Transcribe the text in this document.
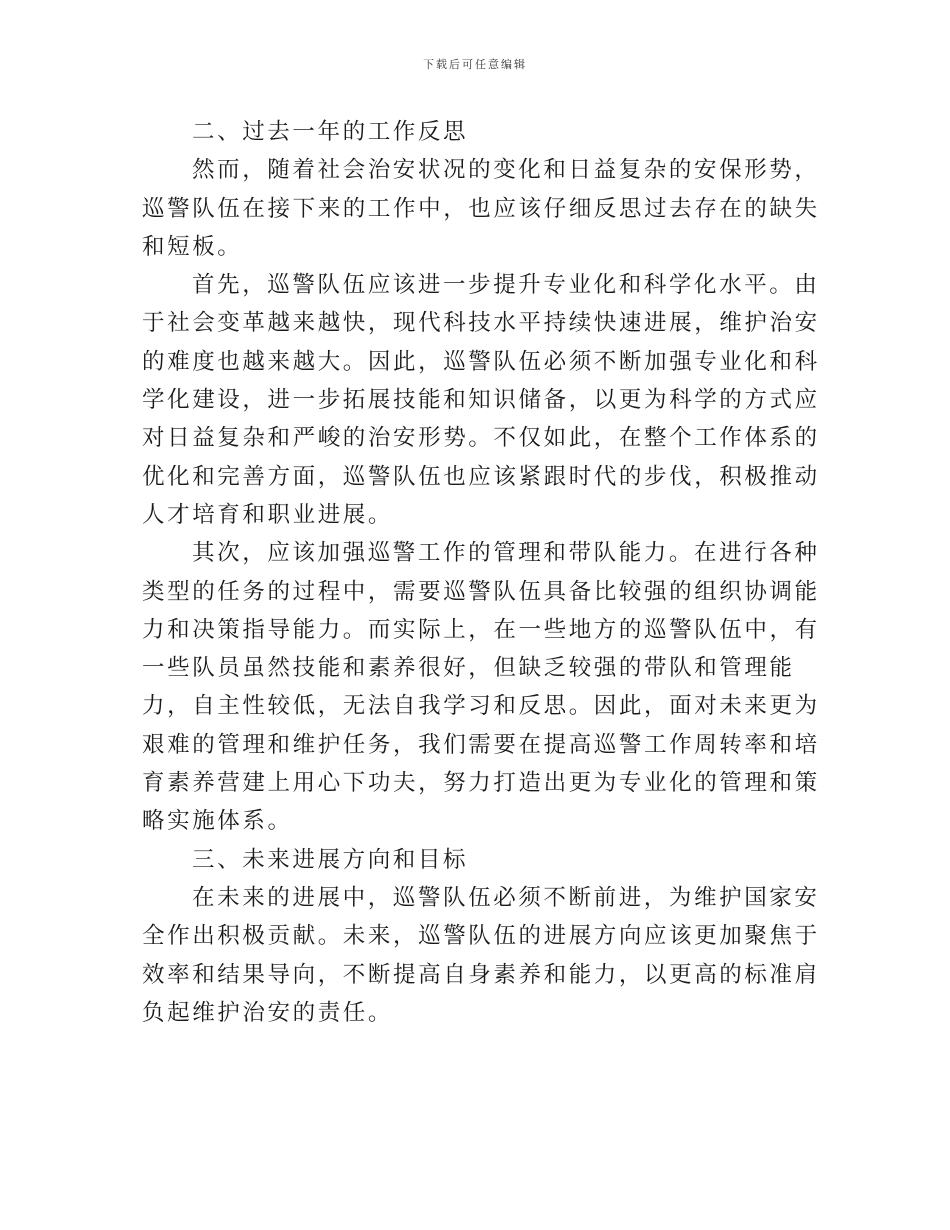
下载后可任意编辑

二、过去一年的工作反思

然而，随着社会治安状况的变化和日益复杂的安保形势，
巡警队伍在接下来的工作中，也应该仔细反思过去存在的缺失
和短板。

首先，巡警队伍应该进一步提升专业化和科学化水平。由
于社会变革越来越快，现代科技水平持续快速进展，维护治安
的难度也越来越大。因此，巡警队伍必须不断加强专业化和科
学化建设，进一步拓展技能和知识储备，以更为科学的方式应
对日益复杂和严峻的治安形势。不仅如此，在整个工作体系的
优化和完善方面，巡警队伍也应该紧跟时代的步伐，积极推动
人才培育和职业进展。

其次，应该加强巡警工作的管理和带队能力。在进行各种
类型的任务的过程中，需要巡警队伍具备比较强的组织协调能
力和决策指导能力。而实际上，在一些地方的巡警队伍中，有
一些队员虽然技能和素养很好，但缺乏较强的带队和管理能
力，自主性较低，无法自我学习和反思。因此，面对未来更为
艰难的管理和维护任务，我们需要在提高巡警工作周转率和培
育素养营建上用心下功夫，努力打造出更为专业化的管理和策
略实施体系。

三、未来进展方向和目标

在未来的进展中，巡警队伍必须不断前进，为维护国家安
全作出积极贡献。未来，巡警队伍的进展方向应该更加聚焦于
效率和结果导向，不断提高自身素养和能力，以更高的标准肩
负起维护治安的责任。
